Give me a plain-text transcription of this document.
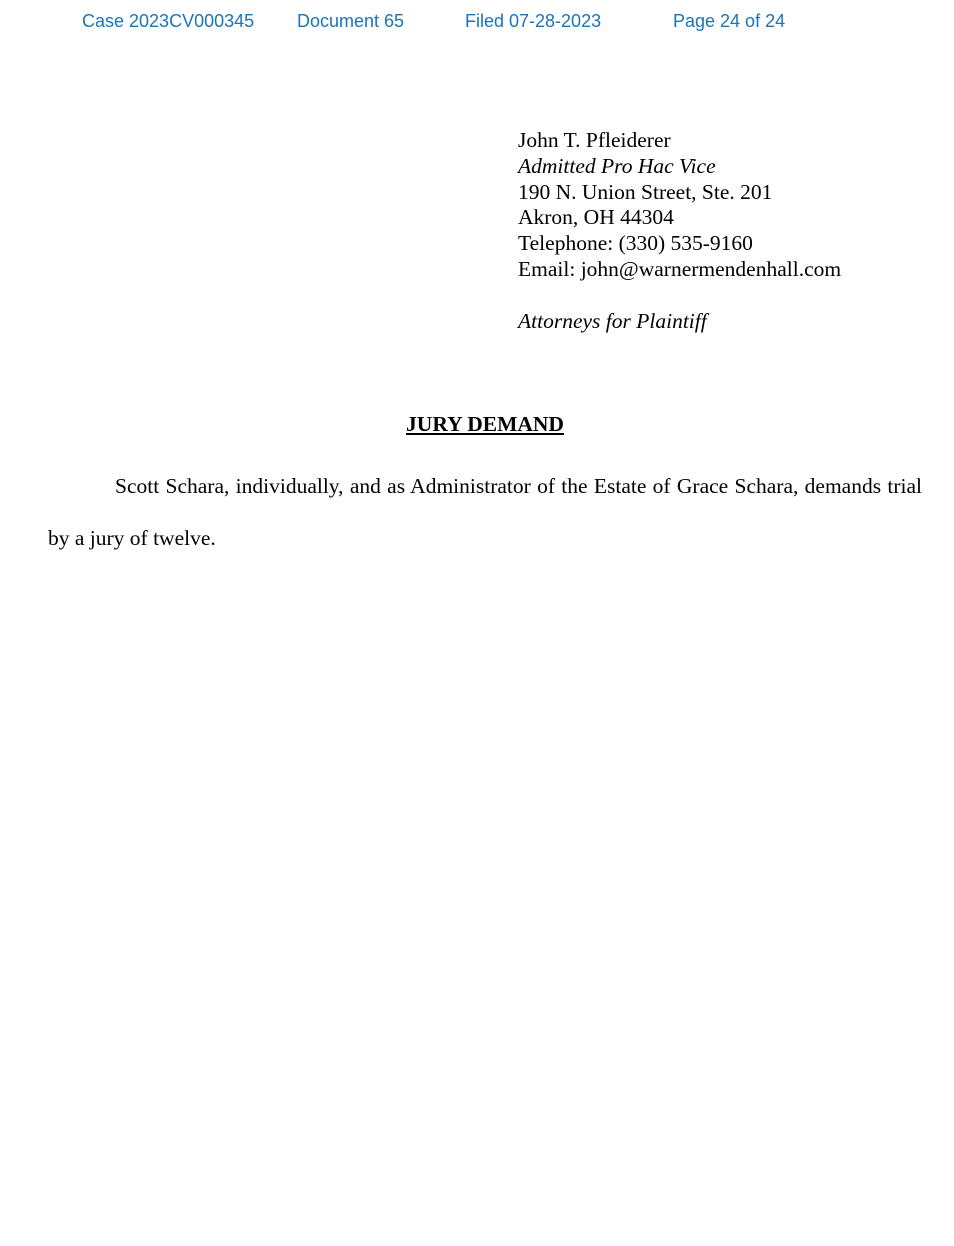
Case 2023CV000345 Document 65	Filed 07-28-2023	Page 24 of 24
John T. Pfleiderer
Admitted Pro Hac Vice
190 N. Union Street, Ste. 201
Akron, OH 44304
Telephone: (330) 535-9160
Email: john@warnermendenhall.com
Attorneys for Plaintiff
JURY DEMAND

Scott Schara, individually, and as Administrator of the Estate of Grace Schara, demands trial by a jury of twelve.
